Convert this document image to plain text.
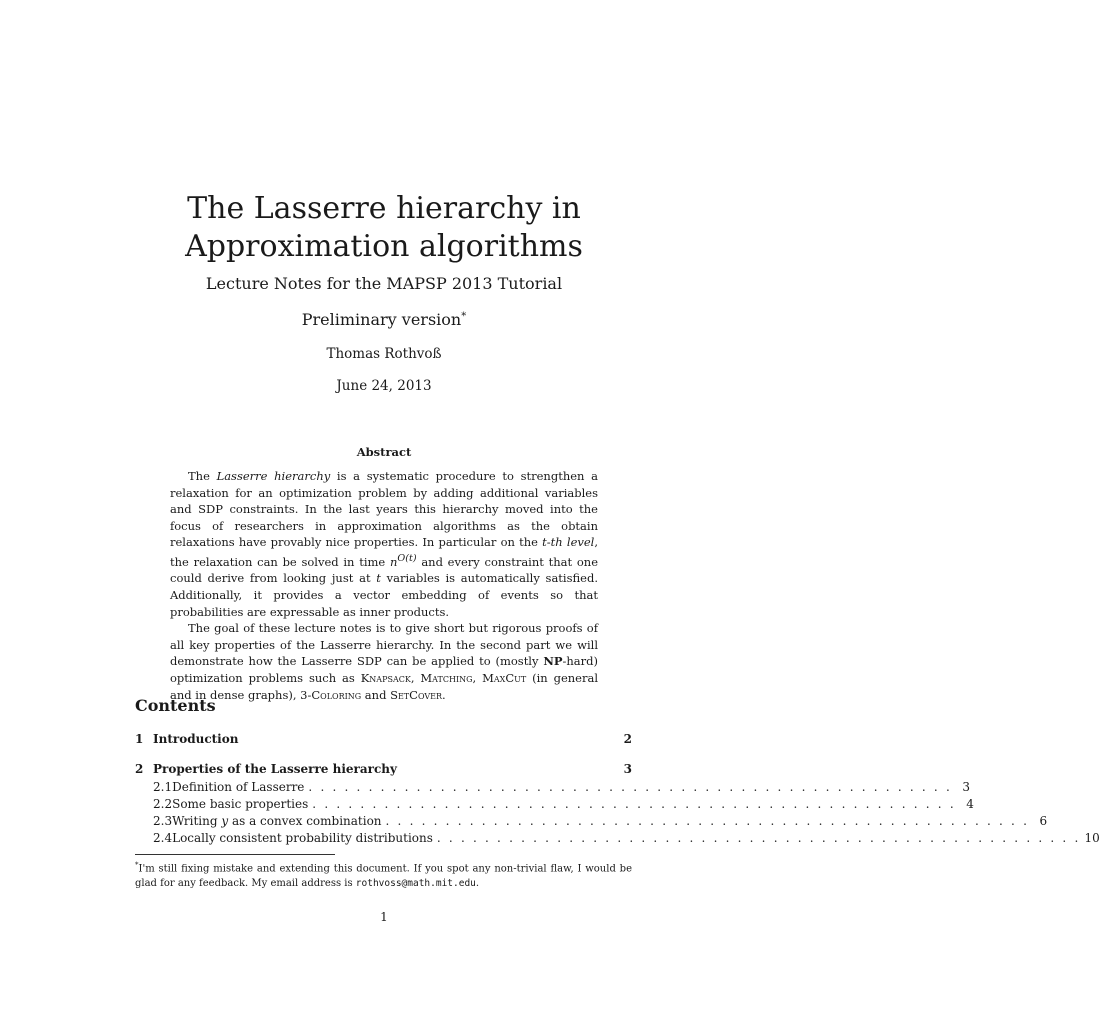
The Lasserre hierarchy in
Approximation algorithms
Lecture Notes for the MAPSP 2013 Tutorial
Preliminary version*
Thomas Rothvoß
June 24, 2013
Abstract

The Lasserre hierarchy is a systematic procedure to strengthen a relaxation for an optimization problem by adding additional variables and SDP constraints. In the last years this hierarchy moved into the focus of researchers in approximation algorithms as the obtain relaxations have provably nice properties. In particular on the t-th level, the relaxation can be solved in time $n^{O(t)}$ and every constraint that one could derive from looking just at t variables is automatically satisfied. Additionally, it provides a vector embedding of events so that probabilities are expressable as inner products.

The goal of these lecture notes is to give short but rigorous proofs of all key properties of the Lasserre hierarchy. In the second part we will demonstrate how the Lasserre SDP can be applied to (mostly NP-hard) optimization problems such as Knapsack, Matching, MaxCut (in general and in dense graphs), 3-Coloring and SetCover.

Contents
1 Introduction	2
2 Properties of the Lasserre hierarchy	3
2.1 Definition of Lasserre . . . . . . . . . . . . . . . . . . . . . . . . . . . . . . . . . . . . . . . . . . . . . . . . . . . . . . 3
2.2 Some basic properties . . . . . . . . . . . . . . . . . . . . . . . . . . . . . . . . . . . . . . . . . . . . . . . . . . . . . . 4
2.3 Writing y as a convex combination . . . . . . . . . . . . . . . . . . . . . . . . . . . . . . . . . . . . . . . . . . . . . . . . . . . . . . 6
2.4 Locally consistent probability distributions . . . . . . . . . . . . . . . . . . . . . . . . . . . . . . . . . . . . . . . . . . . . . . . . . . . . . . 10
*I'm still fixing mistake and extending this document. If you spot any non-trivial flaw, I would be glad for any feedback. My email address is rothvoss@math.mit.edu.
1
